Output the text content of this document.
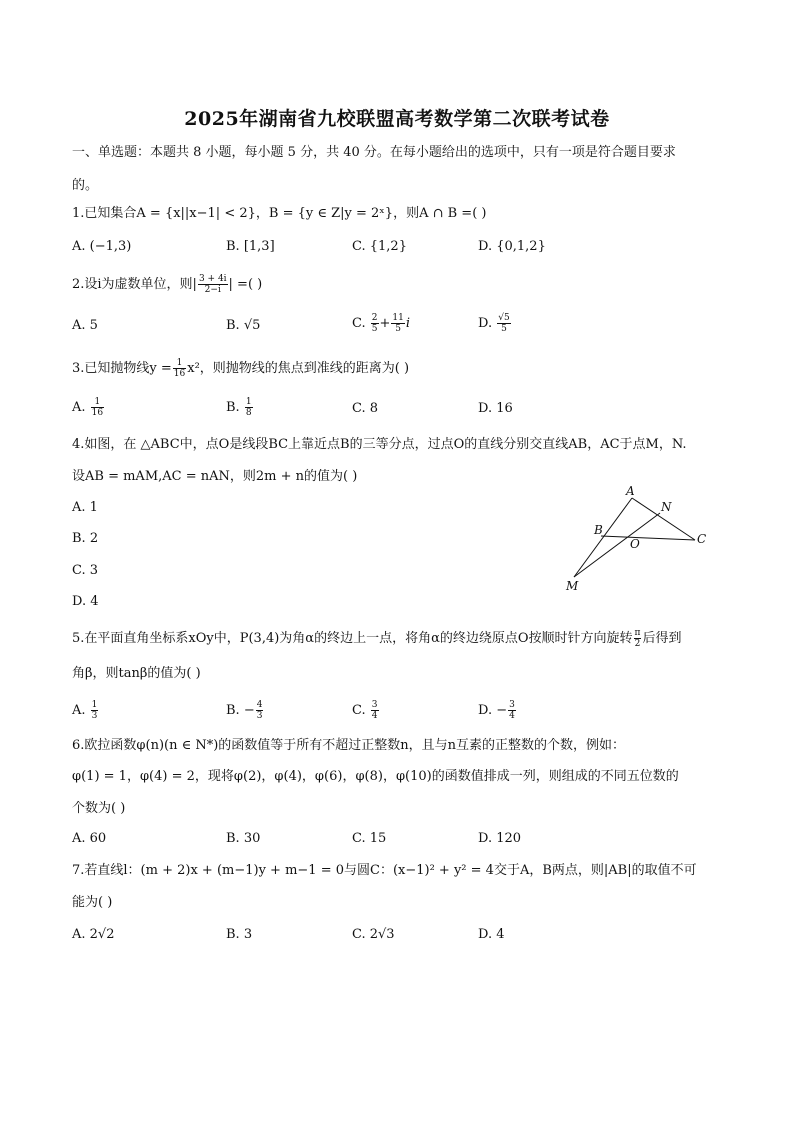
2025年湖南省九校联盟高考数学第二次联考试卷
一、单选题：本题共 8 小题，每小题 5 分，共 40 分。在每小题给出的选项中，只有一项是符合题目要求
的。
1.已知集合A = {x||x−1| < 2}，B = {y ∈ Z|y = 2ˣ}，则A ∩ B =( )
A. (−1,3)	B. [1,3]	C. {1,2}	D. {0,1,2}
2.设i为虚数单位，则| $\frac{3 + 4i}{2-i}$ | =( )
A. 5	B. √5	C. $\frac{2}{5} + \frac{11}{5}$ i	D. $\frac{√5}{5}$
3.已知抛物线$y = \frac{1}{16} x^2$，则抛物线的焦点到准线的距离为( )
A. $\frac{1}{16}$	B. $\frac{1}{8}$	C. 8	D. 16
4.如图，在 △ABC中，点O是线段BC上靠近点B的三等分点，过点O的直线分别交直线AB，AC于点M，N.
设AB = mAM,AC = nAN，则2m + n的值为( )
A. 1
B. 2
C. 3
D. 4
A
N
B
O	C
M
5.在平面直角坐标系xOy中，P(3,4)为角α的终边上一点，将角α的终边绕原点O按顺时针方向旋转 $\frac{\pi}{2}$ 后得到
角β，则tanβ的值为( )
A. $\frac{1}{3}$	B. − $\frac{4}{3}$	C. $\frac{3}{4}$	D. − $\frac{3}{4}$
6.欧拉函数φ(n)(n ∈ N*)的函数值等于所有不超过正整数n，且与n互素的正整数的个数，例如：
φ(1) = 1，φ(4) = 2，现将φ(2)，φ(4)，φ(6)，φ(8)，φ(10)的函数值排成一列，则组成的不同五位数的
个数为( )
A. 60	B. 30	C. 15	D. 120
7.若直线l：(m + 2)x + (m−1)y + m−1 = 0与圆C：(x−1)² + y² = 4交于A，B两点，则|AB|的取值不可
能为( )
A. 2√2	B. 3	C. 2√3	D. 4
